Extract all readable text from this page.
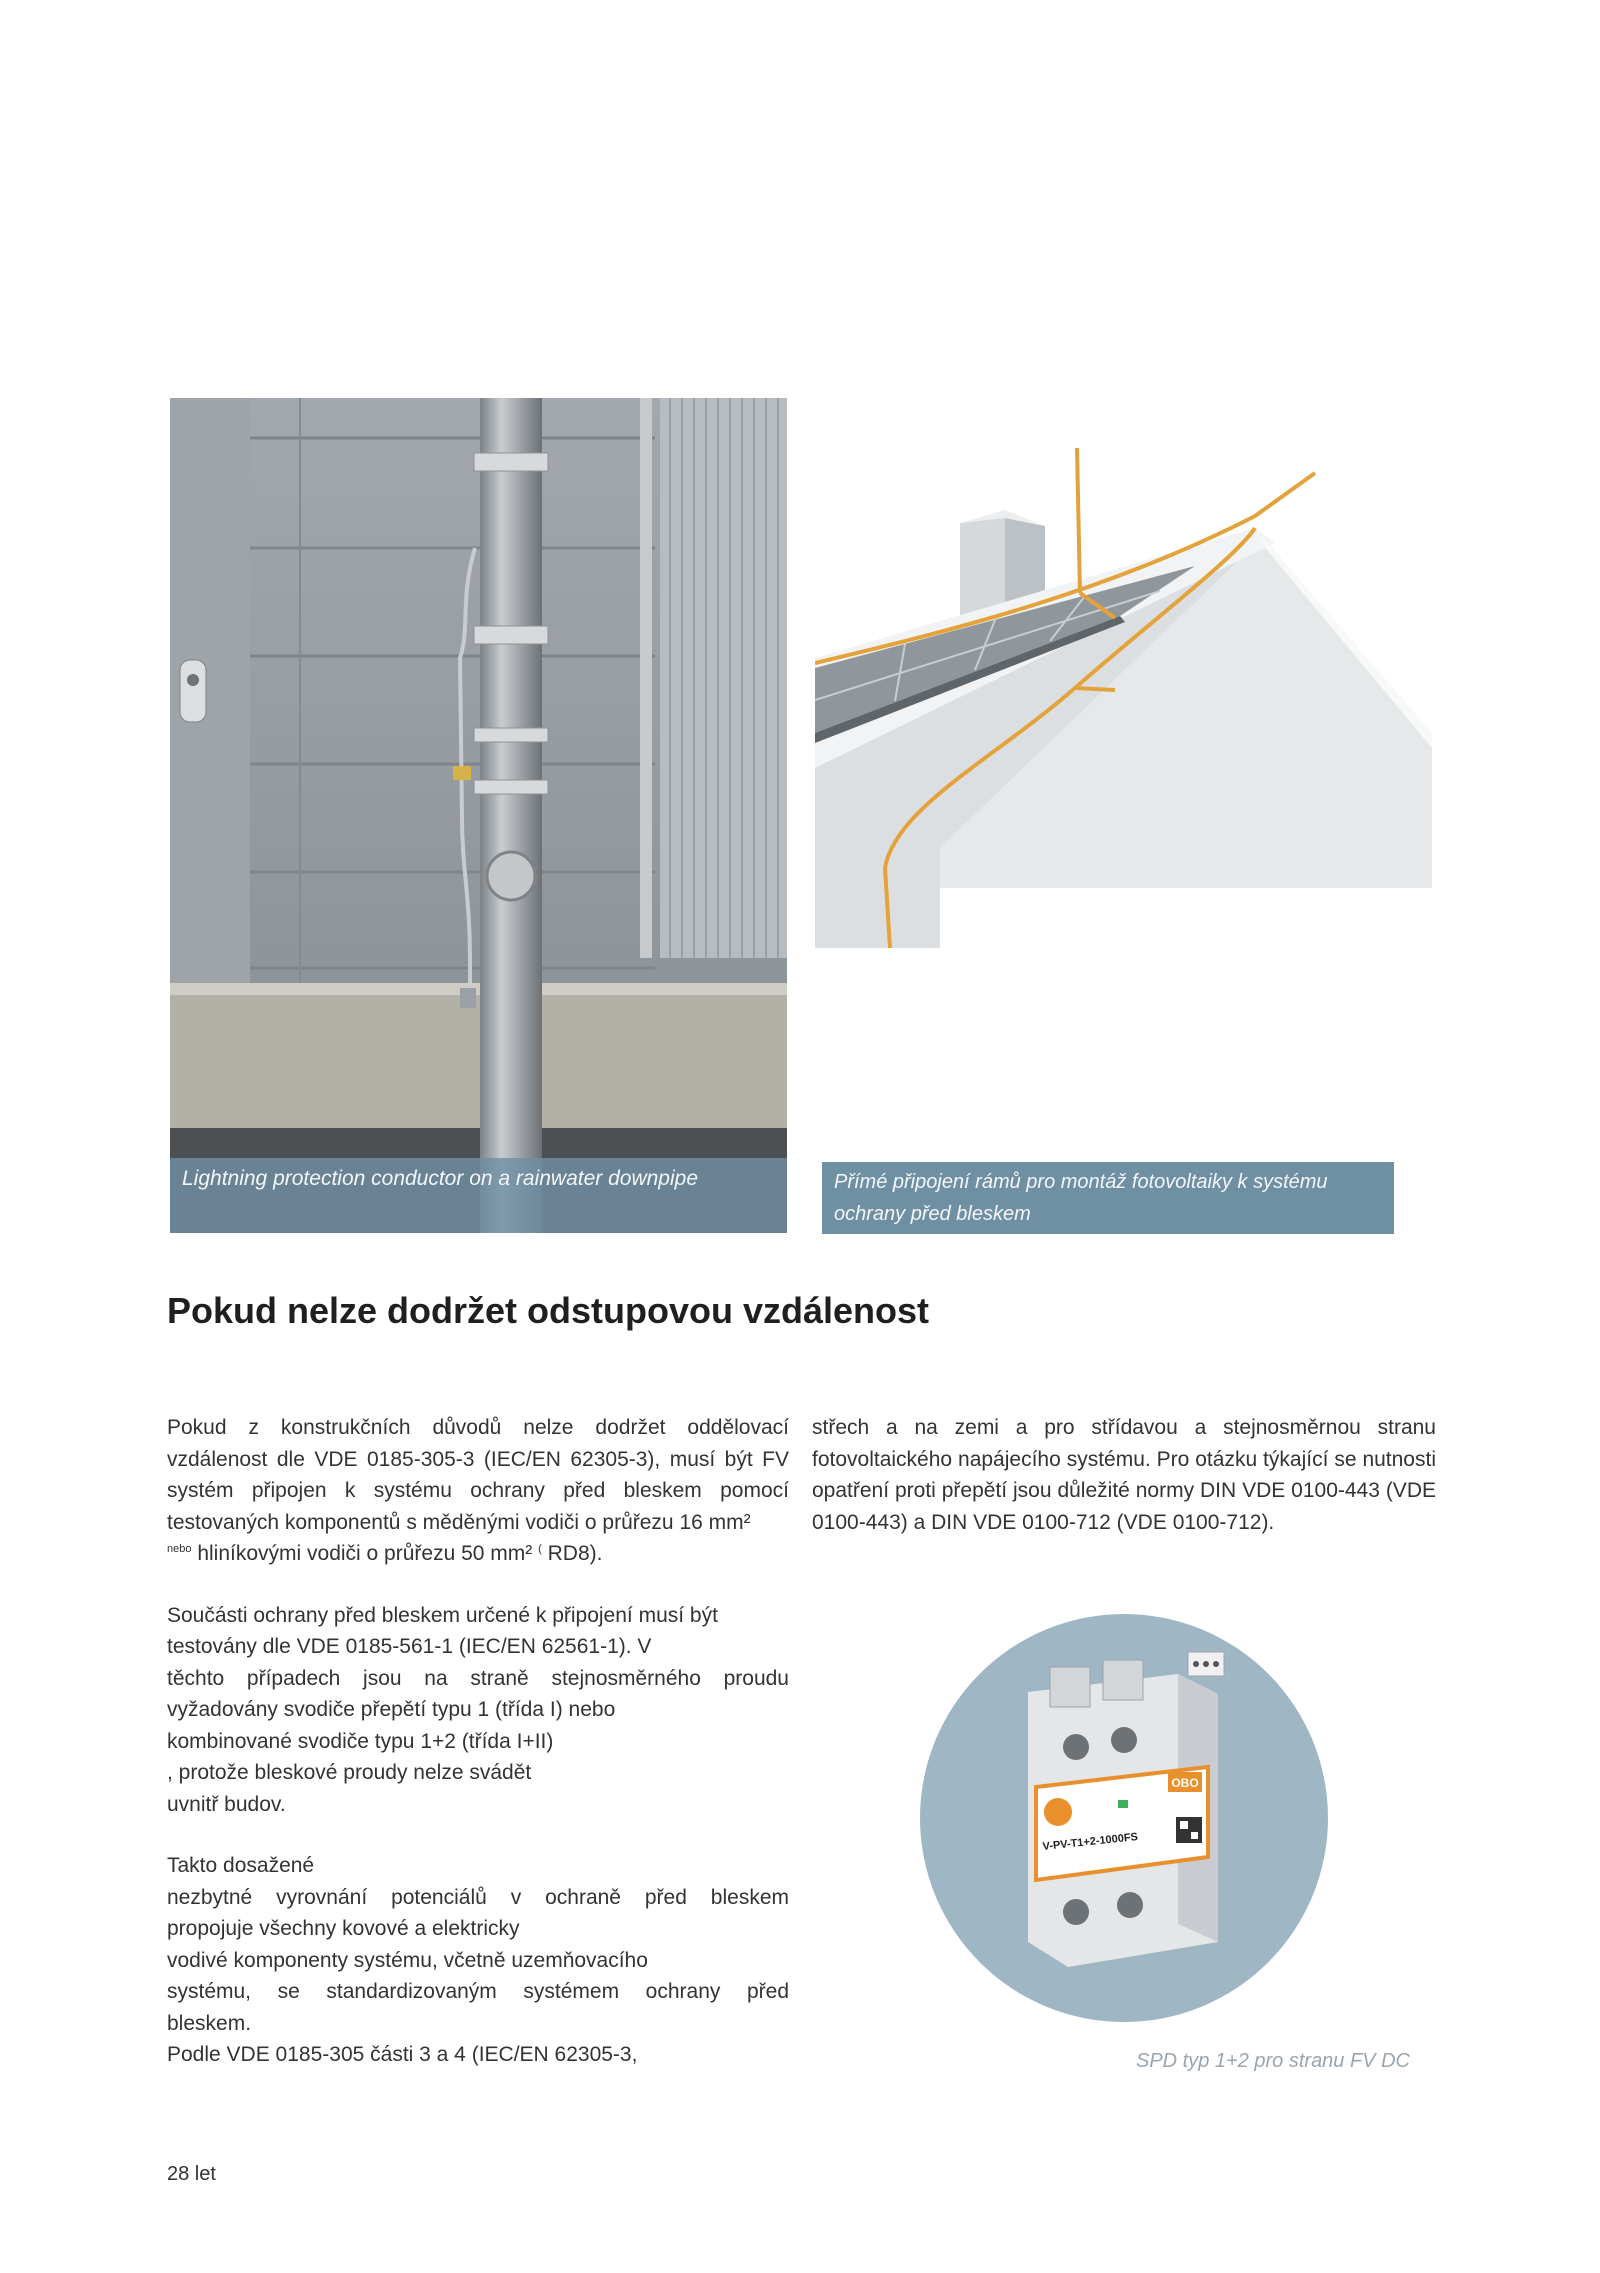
Lightning protection conductor on a rainwater downpipe	Přímé připojení rámů pro montáž fotovoltaiky k systému ochrany před bleskem
Pokud nelze dodržet odstupovou vzdálenost

Pokud z konstrukčních důvodů nelze dodržet oddělovací vzdálenost dle VDE 0185-305-3 (IEC/EN 62305-3), musí být FV systém připojen k systému ochrany před bleskem pomocí testovaných komponentů s měděnými vodiči o průřezu 16 mm²
$^{nebo}$ hliníkovými vodiči o průřezu 50 mm² ( RD8).

Součásti ochrany před bleskem určené k připojení musí být
testovány dle VDE 0185-561-1 (IEC/EN 62561-1). V
těchto případech jsou na straně stejnosměrného proudu
vyžadovány svodiče přepětí typu 1 (třída I) nebo
kombinované svodiče typu 1+2 (třída I+II)
, protože bleskové proudy nelze svádět
uvnitř budov.

Takto dosažené
nezbytné vyrovnání potenciálů v ochraně před bleskem
propojuje všechny kovové a elektricky
vodivé komponenty systému, včetně uzemňovacího
systému, se standardizovaným systémem ochrany před
bleskem.
Podle VDE 0185-305 části 3 a 4 (IEC/EN 62305-3,

střech a na zemi a pro střídavou a stejnosměrnou stranu fotovoltaického napájecího systému. Pro otázku týkající se nutnosti opatření proti přepětí jsou důležité normy DIN VDE 0100-443 (VDE 0100-443) a DIN VDE 0100-712 (VDE 0100-712).

OBO
V-PV-T1+2-1000FS
SPD typ 1+2 pro stranu FV DC
28 let
